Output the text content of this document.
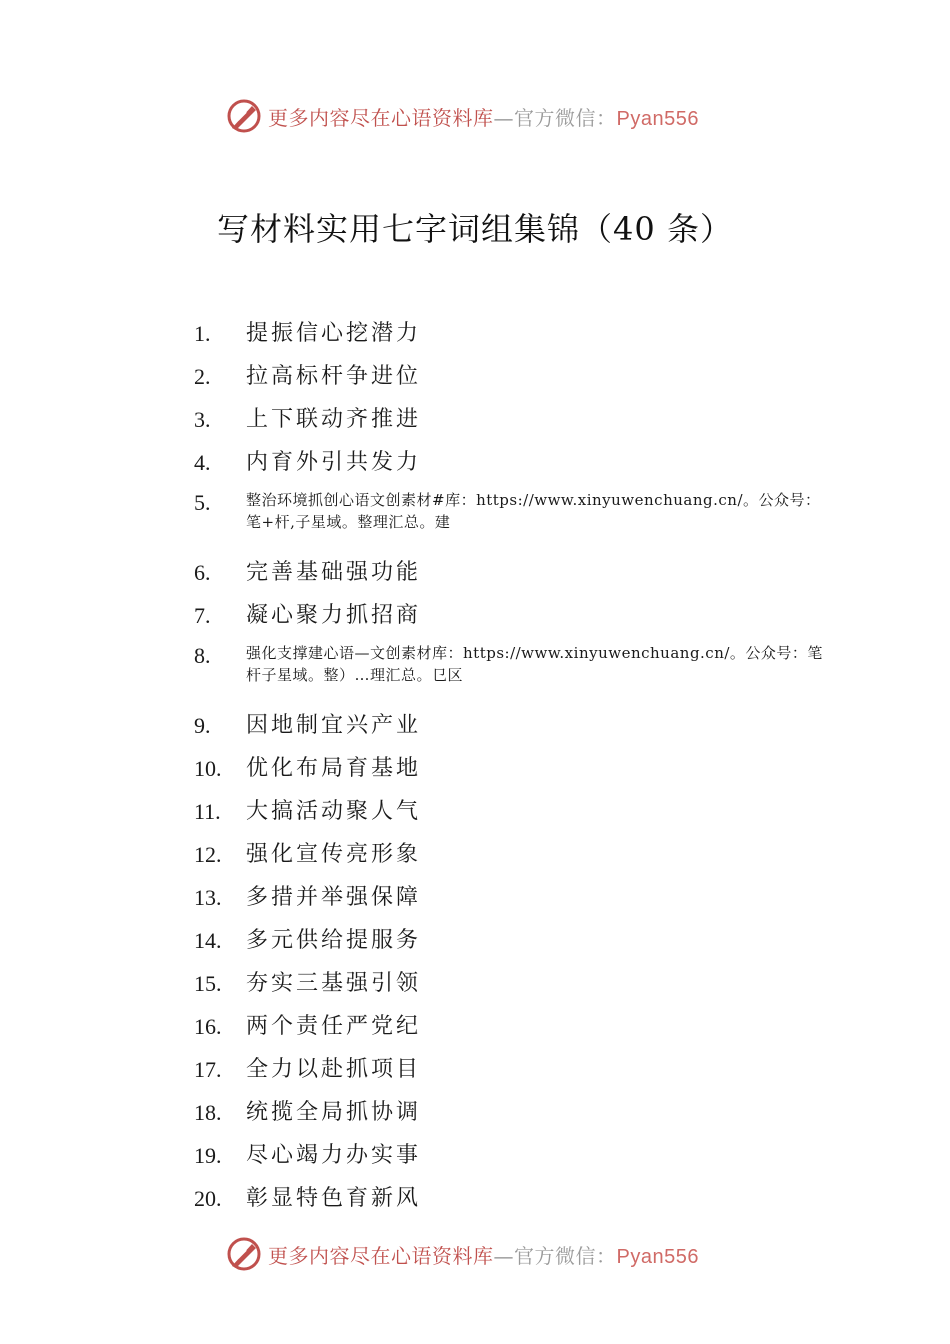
更多内容尽在心语资料库—官方微信：Pyan556
写材料实用七字词组集锦（40 条）
1.	提振信心挖潜力
2.	拉高标杆争进位
3.	上下联动齐推进
4.	内育外引共发力
5.	整治环境抓创心语文创素材#库：https://www.xinyuwenchuang.cn/。公众号：笔+杆,子星域。整理汇总。建
6.	完善基础强功能
7.	凝心聚力抓招商
8.	强化支撑建心语—文创素材库：https://www.xinyuwenchuang.cn/。公众号：笔杆子星域。整）…理汇总。㔾区
9.	因地制宜兴产业
10.	优化布局育基地
11.	大搞活动聚人气
12.	强化宣传亮形象
13.	多措并举强保障
14.	多元供给提服务
15.	夯实三基强引领
16.	两个责任严党纪
17.	全力以赴抓项目
18.	统揽全局抓协调
19.	尽心竭力办实事
20.	彰显特色育新风
更多内容尽在心语资料库—官方微信：Pyan556
